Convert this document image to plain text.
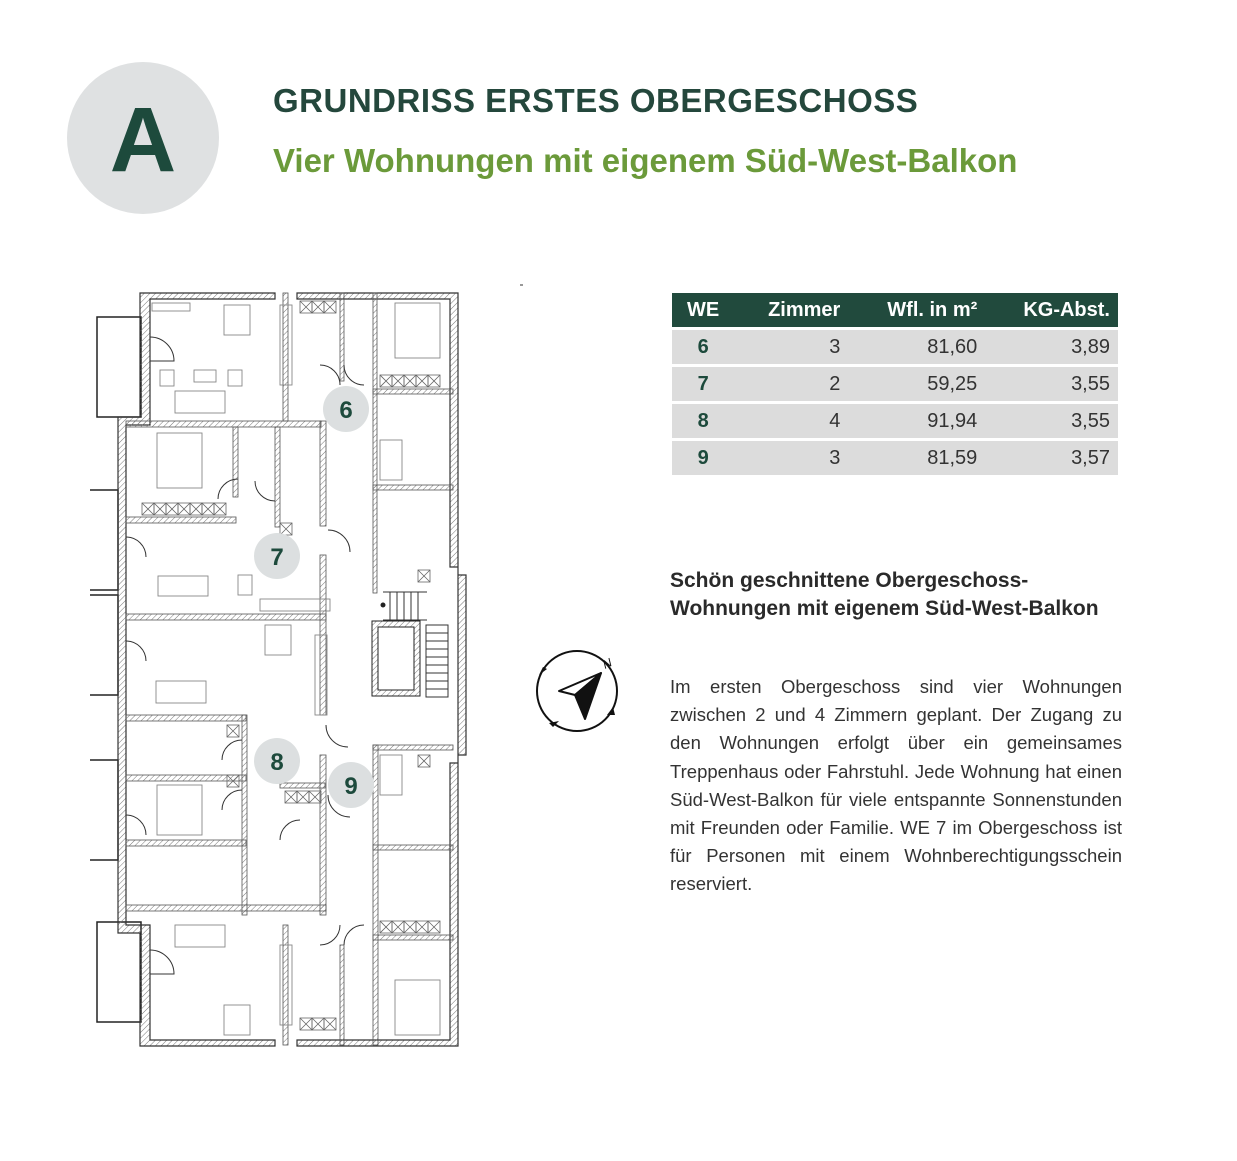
A	GRUNDRISS ERSTES OBERGESCHOSS
Vier Wohnungen mit eigenem Süd-West-Balkon
6
7
8
9
N
WE	Zimmer	Wfl. in m²	KG-Abst.
6	3	81,60	3,89
7	2	59,25	3,55
8	4	91,94	3,55
9	3	81,59	3,57
Schön geschnittene Obergeschoss-Wohnungen mit eigenem Süd-West-Balkon
Im ersten Obergeschoss sind vier Wohnungen zwischen 2 und 4 Zimmern geplant. Der Zugang zu den Wohnungen erfolgt über ein gemeinsames Treppenhaus oder Fahrstuhl. Jede Wohnung hat einen Süd-West-Balkon für viele entspannte Sonnenstunden mit Freunden oder Familie. WE 7 im Obergeschoss ist für Personen mit einem Wohnberechtigungsschein reserviert.
